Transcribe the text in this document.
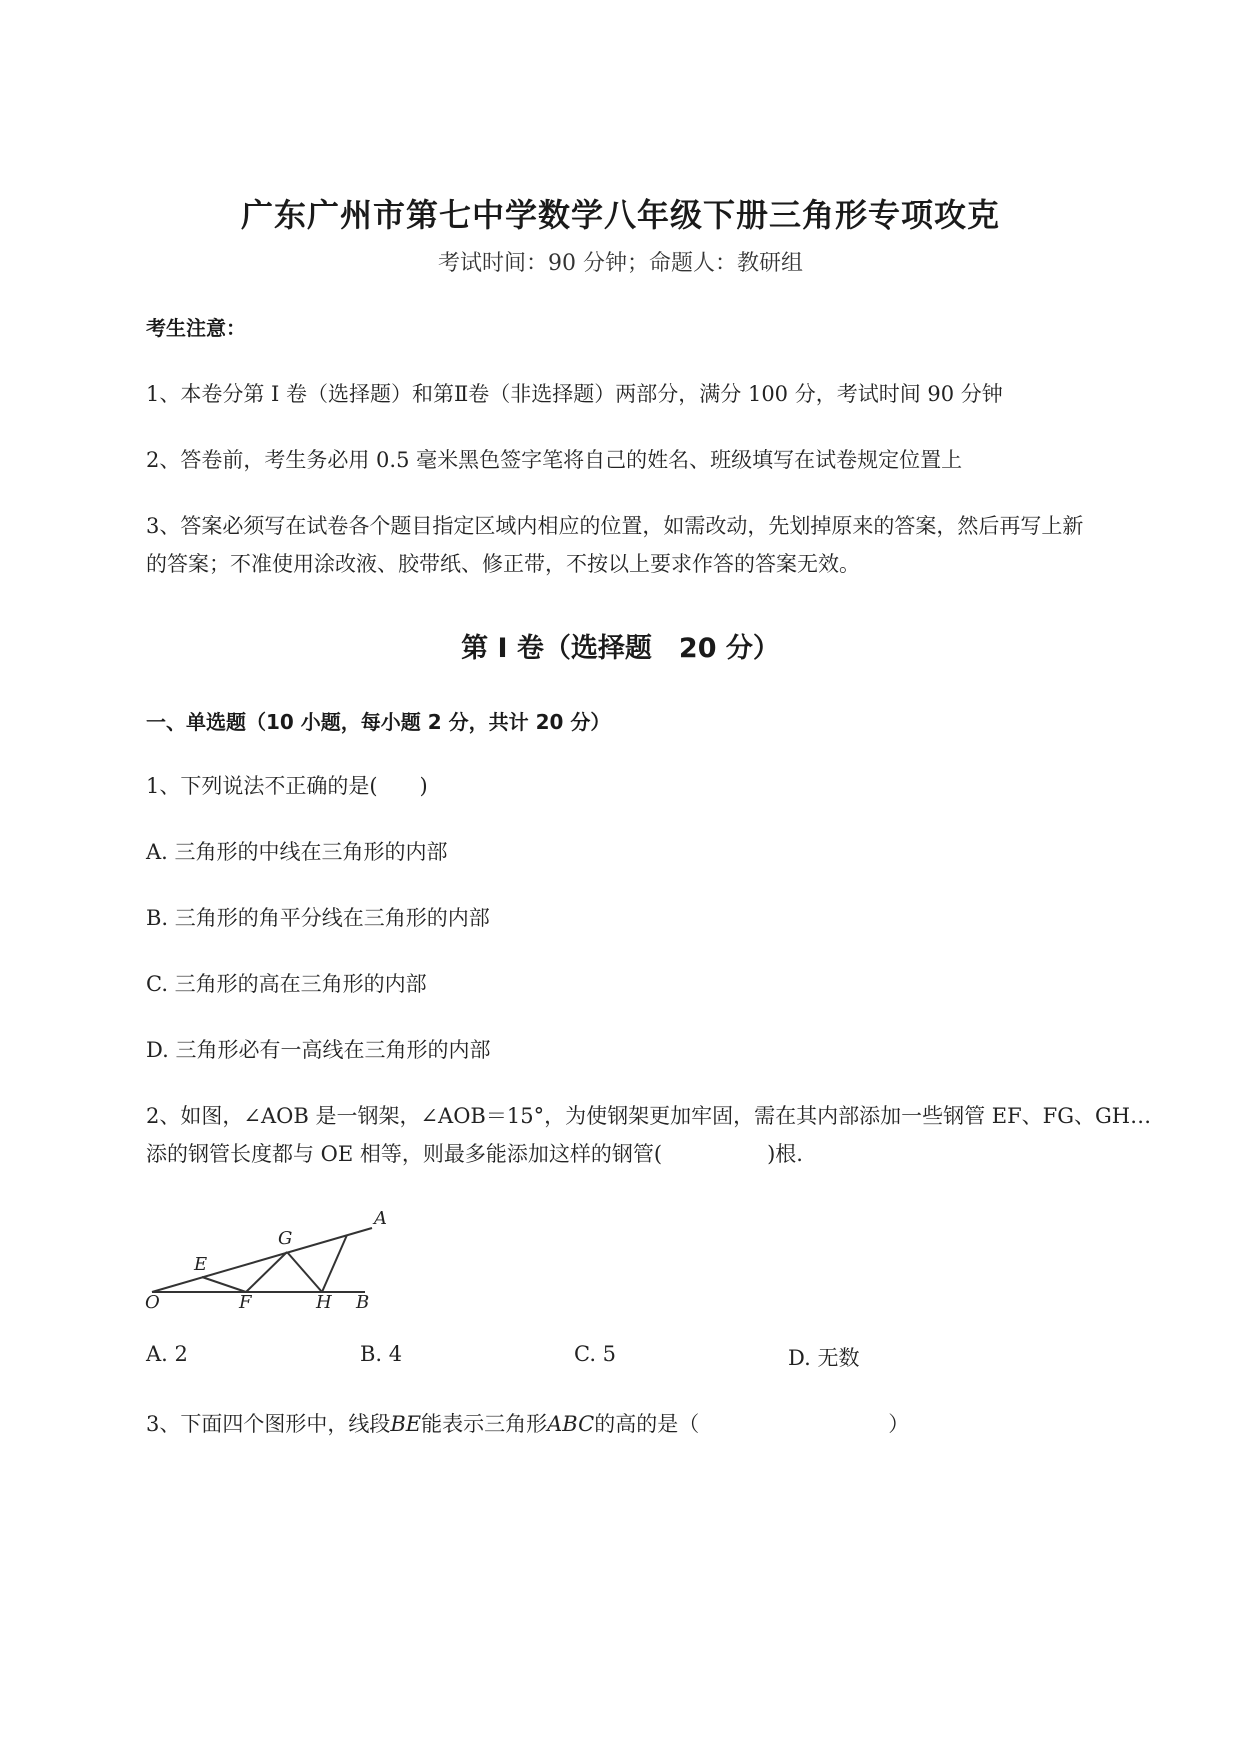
广东广州市第七中学数学八年级下册三角形专项攻克
考试时间：90 分钟；命题人：教研组
考生注意：
1、本卷分第 I 卷（选择题）和第Ⅱ卷（非选择题）两部分，满分 100 分，考试时间 90 分钟
2、答卷前，考生务必用 0.5 毫米黑色签字笔将自己的姓名、班级填写在试卷规定位置上
3、答案必须写在试卷各个题目指定区域内相应的位置，如需改动，先划掉原来的答案，然后再写上新
的答案；不准使用涂改液、胶带纸、修正带，不按以上要求作答的答案无效。
第 I 卷（选择题　20 分）
一、单选题（10 小题，每小题 2 分，共计 20 分）
1、下列说法不正确的是(　　)
A. 三角形的中线在三角形的内部
B. 三角形的角平分线在三角形的内部
C. 三角形的高在三角形的内部
D. 三角形必有一高线在三角形的内部
2、如图，∠AOB 是一钢架，∠AOB＝15°，为使钢架更加牢固，需在其内部添加一些钢管 EF、FG、GH…
添的钢管长度都与 OE 相等，则最多能添加这样的钢管(　　　　　)根.
A
G
E
O	F	H B
A. 2	B. 4	C. 5	D. 无数
3、下面四个图形中，线段BE能表示三角形ABC的高的是（　　　　　　　　　）
